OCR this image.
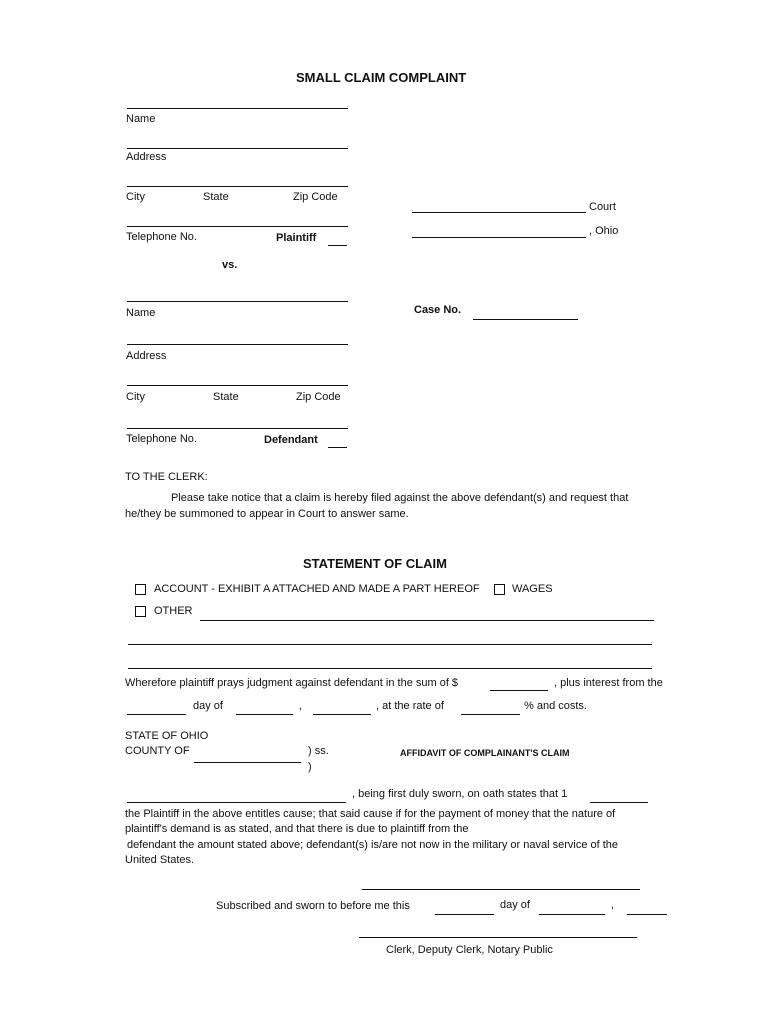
SMALL CLAIM COMPLAINT
Name
Address
City	State	Zip Code
Telephone No.	Plaintiff
Court
, Ohio
vs.
Case No.
Name
Address
City	State	Zip Code
Telephone No.	Defendant
TO THE CLERK:
Please take notice that a claim is hereby filed against the above defendant(s) and request that
he/they be summoned to appear in Court to answer same.
STATEMENT OF CLAIM
ACCOUNT - EXHIBIT A ATTACHED AND MADE A PART HEREOF	WAGES
OTHER
Wherefore plaintiff prays judgment against defendant in the sum of $	, plus interest from the
day of	,	, at the rate of	% and costs.
STATE OF OHIO
COUNTY OF	) ss.
)
AFFIDAVIT OF COMPLAINANT'S CLAIM
, being first duly sworn, on oath states that 1
the Plaintiff in the above entitles cause; that said cause if for the payment of money that the nature of
plaintiff's demand is as stated, and that there is due to plaintiff from the
defendant the amount stated above; defendant(s) is/are not now in the military or naval service of the
United States.
Subscribed and sworn to before me this	day of	,
Clerk, Deputy Clerk, Notary Public
